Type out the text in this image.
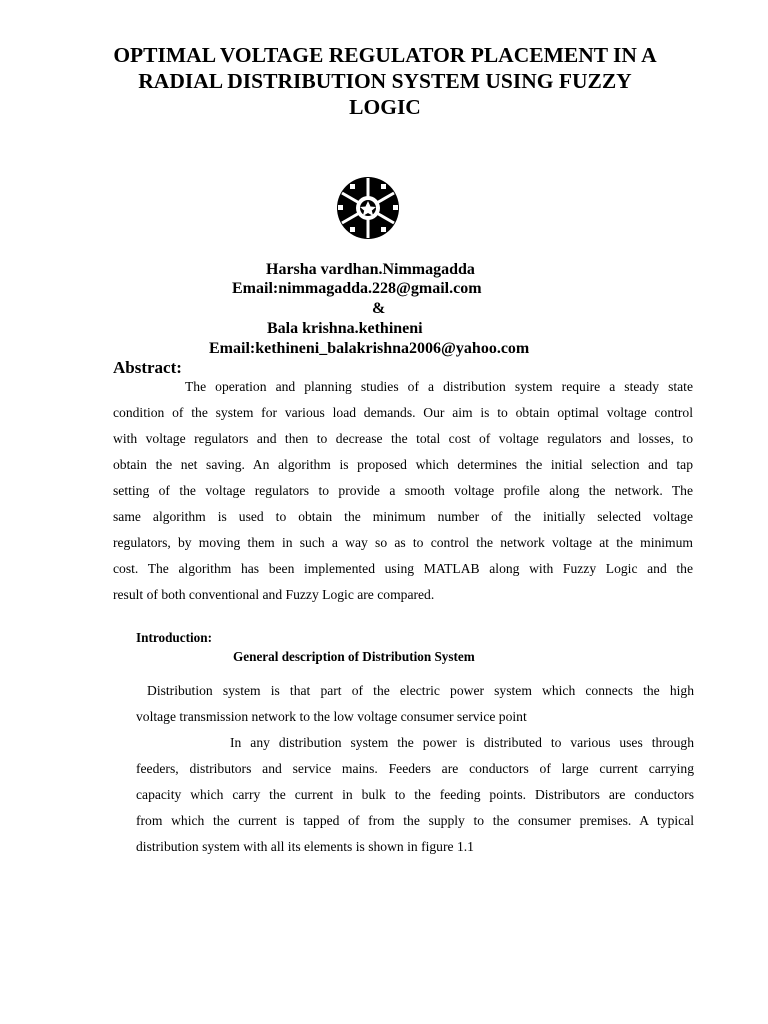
OPTIMAL VOLTAGE REGULATOR PLACEMENT IN A
RADIAL DISTRIBUTION SYSTEM USING FUZZY
LOGIC
Harsha vardhan.Nimmagadda
Email:nimmagadda.228@gmail.com
&
Bala krishna.kethineni
Email:kethineni_balakrishna2006@yahoo.com
Abstract:
The operation and planning studies of a distribution system require a steady state
condition of the system for various load demands. Our aim is to obtain optimal voltage control
with voltage regulators and then to decrease the total cost of voltage regulators and losses, to
obtain the net saving. An algorithm is proposed which determines the initial selection and tap
setting of the voltage regulators to provide a smooth voltage profile along the network. The
same algorithm is used to obtain the minimum number of the initially selected voltage
regulators, by moving them in such a way so as to control the network voltage at the minimum
cost. The algorithm has been implemented using MATLAB along with Fuzzy Logic and the
result of both conventional and Fuzzy Logic are compared.
Introduction:
General description of Distribution System
Distribution system is that part of the electric power system which connects the high
voltage transmission network to the low voltage consumer service point
In any distribution system the power is distributed to various uses through
feeders, distributors and service mains. Feeders are conductors of large current carrying
capacity which carry the current in bulk to the feeding points. Distributors are conductors
from which the current is tapped of from the supply to the consumer premises. A typical
distribution system with all its elements is shown in figure 1.1
